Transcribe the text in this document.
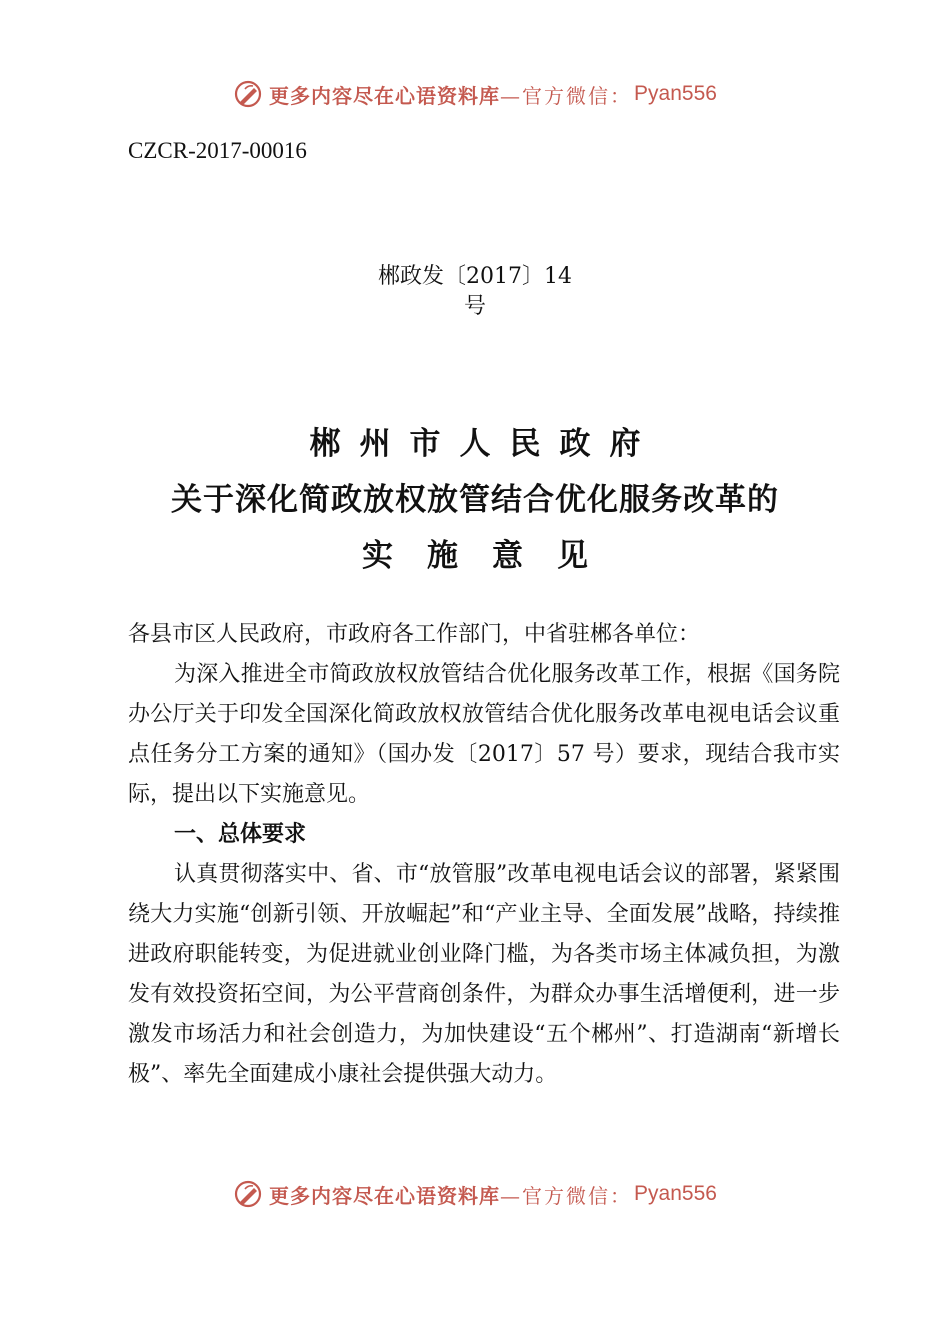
更多内容尽在心语资料库 —官方微信： Pyan556
CZCR-2017-00016
郴政发〔2017〕14
号
郴州市人民政府
关于深化简政放权放管结合优化服务改革的
实施意见
各县市区人民政府，市政府各工作部门，中省驻郴各单位：
为深入推进全市简政放权放管结合优化服务改革工作，根据《国务院办公厅关于印发全国深化简政放权放管结合优化服务改革电视电话会议重点任务分工方案的通知》（国办发〔2017〕57 号）要求，现结合我市实际，提出以下实施意见。
一、总体要求
认真贯彻落实中、省、市“放管服”改革电视电话会议的部署，紧紧围绕大力实施“创新引领、开放崛起”和“产业主导、全面发展”战略，持续推进政府职能转变，为促进就业创业降门槛，为各类市场主体减负担，为激发有效投资拓空间，为公平营商创条件，为群众办事生活增便利，进一步激发市场活力和社会创造力，为加快建设“五个郴州”、打造湖南“新增长极”、率先全面建成小康社会提供强大动力。
更多内容尽在心语资料库 —官方微信： Pyan556
